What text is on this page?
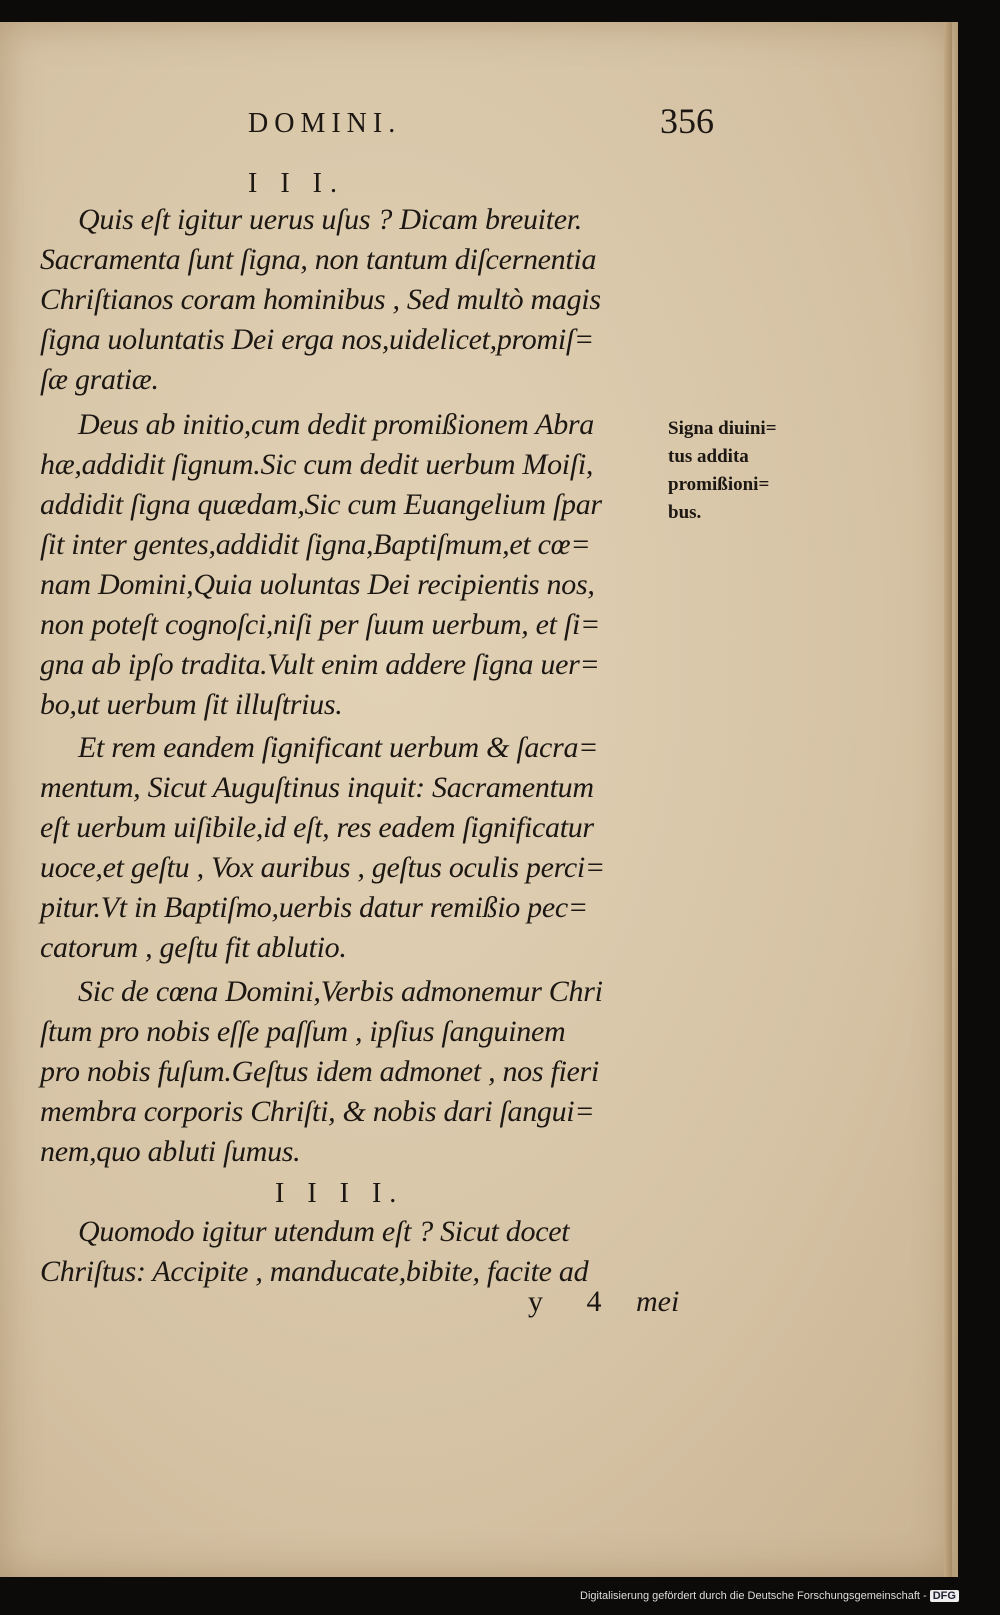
DOMINI.	356
I I I.
Quis eſt igitur uerus uſus ? Dicam breuiter.
Sacramenta ſunt ſigna, non tantum diſcernentia
Chriſtianos coram hominibus , Sed multò magis
ſigna uoluntatis Dei erga nos,uidelicet,promiſ=
ſæ gratiæ.
Deus ab initio,cum dedit promißionem Abra
hæ,addidit ſignum.Sic cum dedit uerbum Moiſi,
addidit ſigna quædam,Sic cum Euangelium ſpar
ſit inter gentes,addidit ſigna,Baptiſmum,et cœ=
nam Domini,Quia uoluntas Dei recipientis nos,
non poteſt cognoſci,niſi per ſuum uerbum, et ſi=
gna ab ipſo tradita.Vult enim addere ſigna uer=
bo,ut uerbum ſit illuſtrius.
Et rem eandem ſignificant uerbum & ſacra=
mentum, Sicut Auguſtinus inquit: Sacramentum
eſt uerbum uiſibile,id eſt, res eadem ſignificatur
uoce,et geſtu , Vox auribus , geſtus oculis perci=
pitur.Vt in Baptiſmo,uerbis datur remißio pec=
catorum , geſtu fit ablutio.
Sic de cœna Domini,Verbis admonemur Chri
ſtum pro nobis eſſe paſſum , ipſius ſanguinem
pro nobis fuſum.Geſtus idem admonet , nos fieri
membra corporis Chriſti, & nobis dari ſangui=
nem,quo abluti ſumus.
I I I I.
Quomodo igitur utendum eſt ? Sicut docet
Chriſtus: Accipite , manducate,bibite, facite ad
y 4 mei
Signa diuini=
tus addita
promißioni=
bus.
Digitalisierung gefördert durch die Deutsche Forschungsgemeinschaft - DFG
